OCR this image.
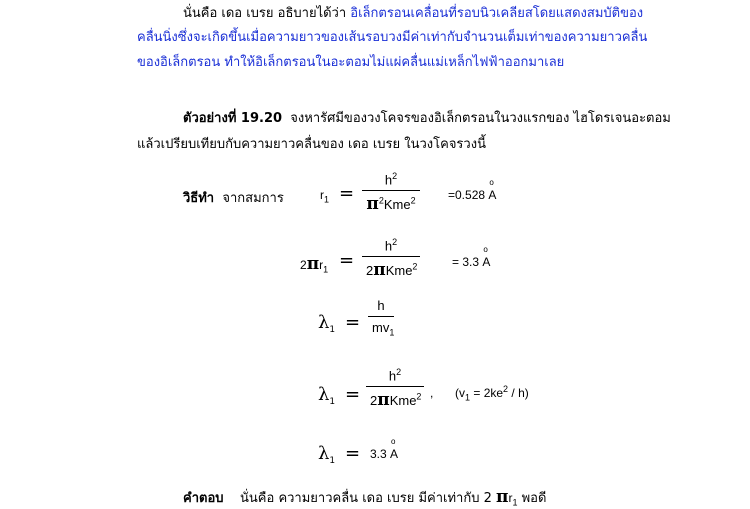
นั่นคือ เดอ เบรย อธิบายได้ว่า อิเล็กตรอนเคลื่อนที่รอบนิวเคลียสโดยแสดงสมบัติของ
คลื่นนิ่งซึ่งจะเกิดขึ้นเมื่อความยาวของเส้นรอบวงมีค่าเท่ากับจำนวนเต็มเท่าของความยาวคลื่น
ของอิเล็กตรอน ทำให้อิเล็กตรอนในอะตอมไม่แผ่คลื่นแม่เหล็กไฟฟ้าออกมาเลย
ตัวอย่างที่ 19.20 จงหารัศมีของวงโคจรของอิเล็กตรอนในวงแรกของ ไฮโดรเจนอะตอม
แล้วเปรียบเทียบกับความยาวคลื่นของ เดอ เบรย ในวงโคจรวงนี้
วิธีทำ จากสมการ	$r_1$ =
$h^2$
$\pi^2Kme^2$	=0.528 o A
$2\pi r_1$ =
$h^2$
2πKme$^2$	= 3.3 o A
$\lambda_1$ =
h
$mv_1$
$\lambda_1$ =
$h^2$
2πKme$^2$ , $(v_1 = 2ke^2 / h)$
$\lambda_1 = 3.3$ o A
คำตอบ นั่นคือ ความยาวคลื่น เดอ เบรย มีค่าเท่ากับ 2 $\pi r_1$ พอดี
